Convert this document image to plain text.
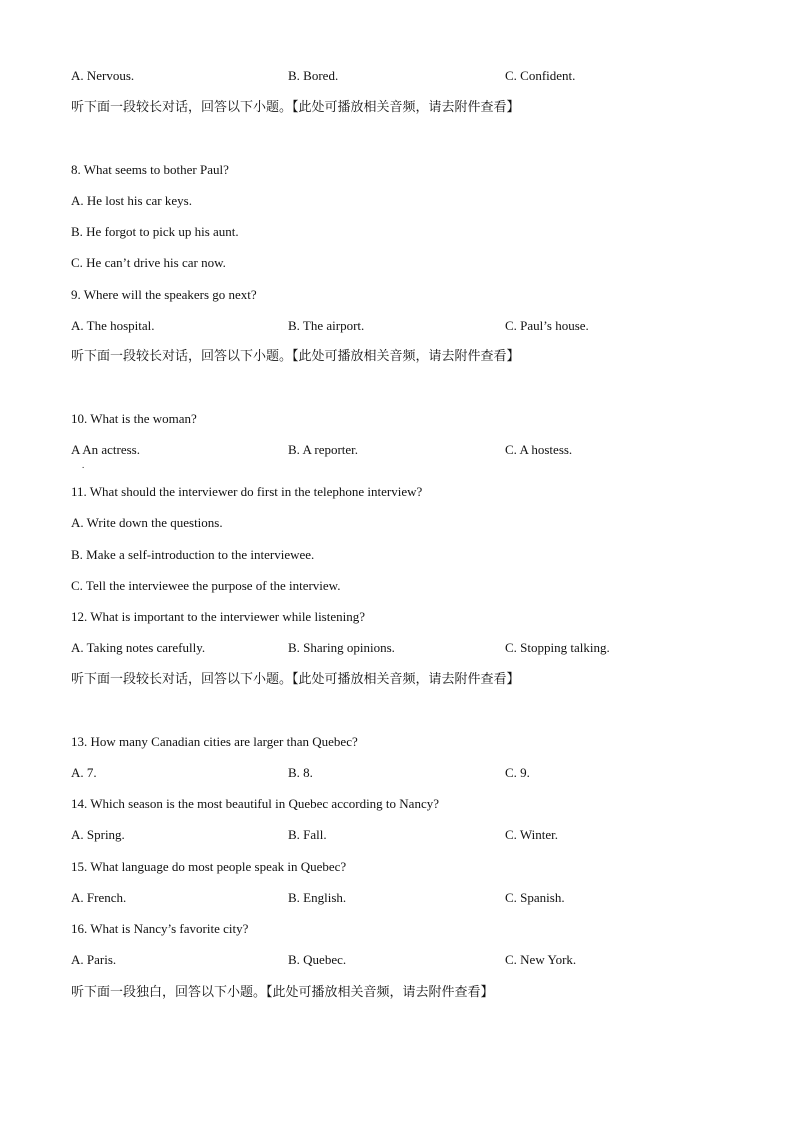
A. Nervous.	B. Bored.	C. Confident.
听下面一段较长对话，回答以下小题。【此处可播放相关音频，请去附件查看】
8. What seems to bother Paul?
A. He lost his car keys.
B. He forgot to pick up his aunt.
C. He can’t drive his car now.
9. Where will the speakers go next?
A. The hospital.	B. The airport.	C. Paul’s house.
听下面一段较长对话，回答以下小题。【此处可播放相关音频，请去附件查看】
10. What is the woman?
A An actress.	B. A reporter.	C. A hostess.
.
11. What should the interviewer do first in the telephone interview?
A. Write down the questions.
B. Make a self-introduction to the interviewee.
C. Tell the interviewee the purpose of the interview.
12. What is important to the interviewer while listening?
A. Taking notes carefully.	B. Sharing opinions.	C. Stopping talking.
听下面一段较长对话，回答以下小题。【此处可播放相关音频，请去附件查看】
13. How many Canadian cities are larger than Quebec?
A. 7.	B. 8.	C. 9.
14. Which season is the most beautiful in Quebec according to Nancy?
A. Spring.	B. Fall.	C. Winter.
15. What language do most people speak in Quebec?
A. French.	B. English.	C. Spanish.
16. What is Nancy’s favorite city?
A. Paris.	B. Quebec.	C. New York.
听下面一段独白，回答以下小题。【此处可播放相关音频，请去附件查看】
